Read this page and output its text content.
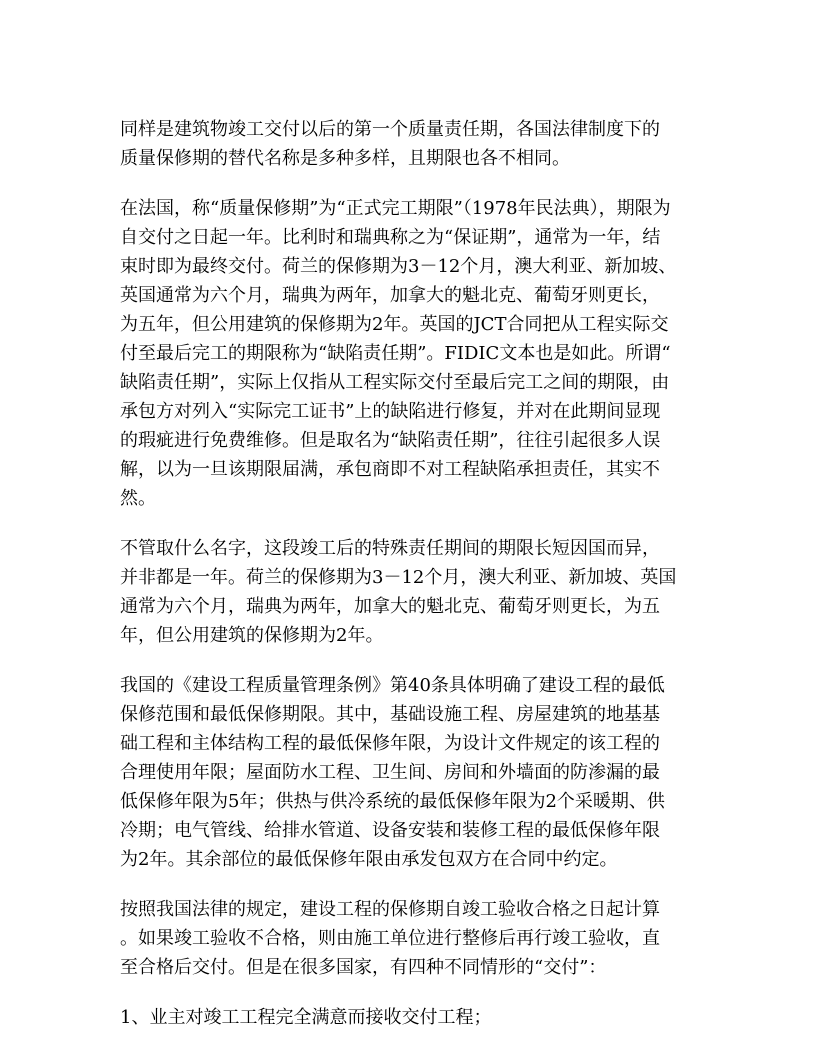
同样是建筑物竣工交付以后的第一个质量责任期，各国法律制度下的
质量保修期的替代名称是多种多样，且期限也各不相同。
在法国，称“质量保修期”为“正式完工期限”（1978年民法典），期限为
自交付之日起一年。比利时和瑞典称之为“保证期”，通常为一年，结
束时即为最终交付。荷兰的保修期为3－12个月，澳大利亚、新加坡、
英国通常为六个月，瑞典为两年，加拿大的魁北克、葡萄牙则更长，
为五年，但公用建筑的保修期为2年。英国的JCT合同把从工程实际交
付至最后完工的期限称为“缺陷责任期”。FIDIC文本也是如此。所谓“
缺陷责任期”，实际上仅指从工程实际交付至最后完工之间的期限，由
承包方对列入“实际完工证书”上的缺陷进行修复，并对在此期间显现
的瑕疵进行免费维修。但是取名为“缺陷责任期”，往往引起很多人误
解，以为一旦该期限届满，承包商即不对工程缺陷承担责任，其实不
然。
不管取什么名字，这段竣工后的特殊责任期间的期限长短因国而异，
并非都是一年。荷兰的保修期为3－12个月，澳大利亚、新加坡、英国
通常为六个月，瑞典为两年，加拿大的魁北克、葡萄牙则更长，为五
年，但公用建筑的保修期为2年。
我国的《建设工程质量管理条例》第40条具体明确了建设工程的最低
保修范围和最低保修期限。其中，基础设施工程、房屋建筑的地基基
础工程和主体结构工程的最低保修年限，为设计文件规定的该工程的
合理使用年限；屋面防水工程、卫生间、房间和外墙面的防渗漏的最
低保修年限为5年；供热与供冷系统的最低保修年限为2个采暖期、供
冷期；电气管线、给排水管道、设备安装和装修工程的最低保修年限
为2年。其余部位的最低保修年限由承发包双方在合同中约定。
按照我国法律的规定，建设工程的保修期自竣工验收合格之日起计算
。如果竣工验收不合格，则由施工单位进行整修后再行竣工验收，直
至合格后交付。但是在很多国家，有四种不同情形的“交付”：
1、业主对竣工工程完全满意而接收交付工程；
